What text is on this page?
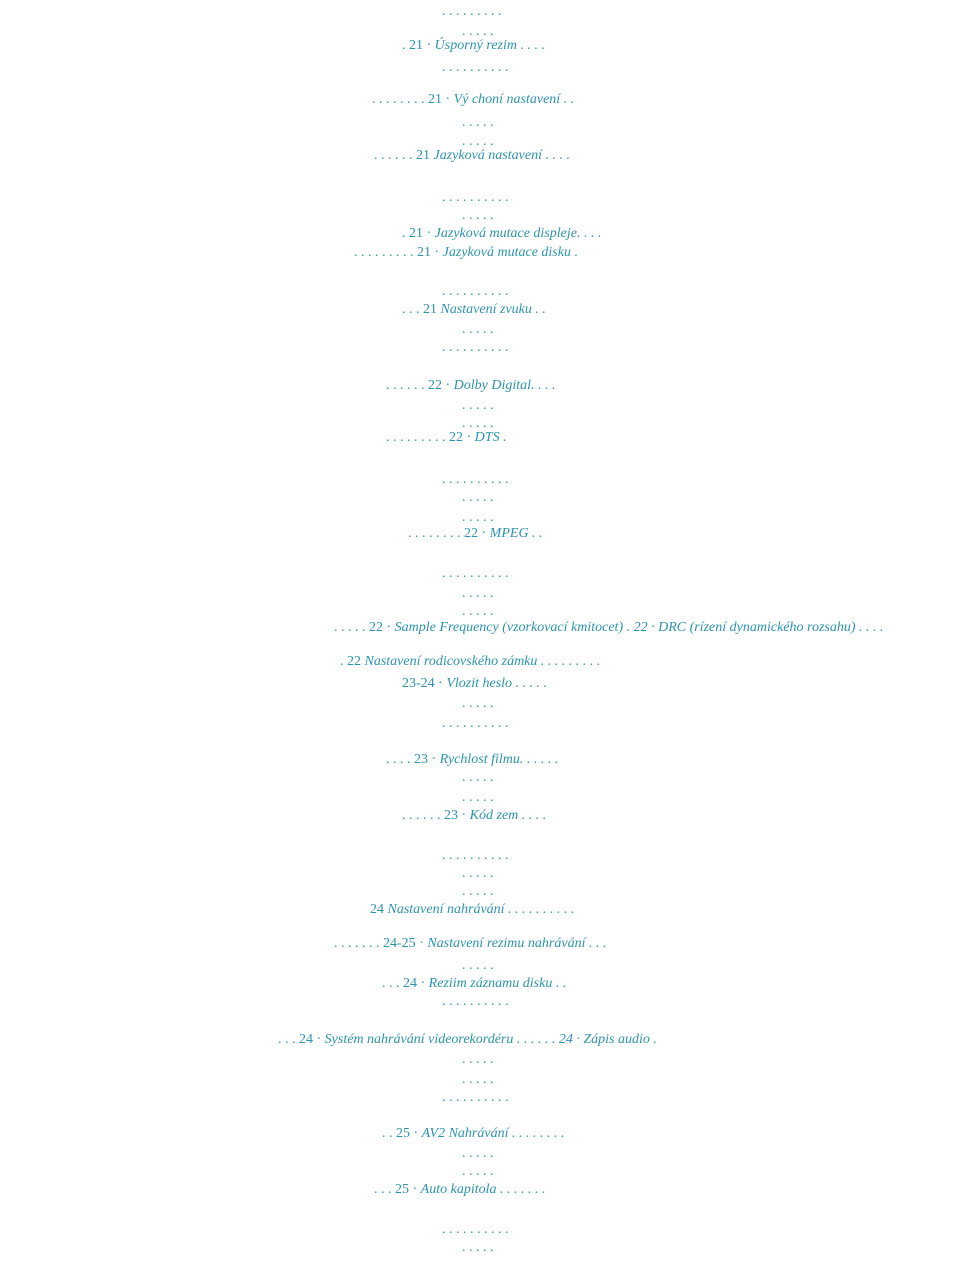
. . . . . . . . .
. . . . .
. 21 · Úsporný rezim . . . .
. . . . . . . . . .
. . . . . . . . 21 · Vý choní nastavení . .
. . . . .
. . . . .
. . . . . . 21 Jazyková nastavení . . . .
. . . . . . . . . .
. . . . .
. 21 · Jazyková mutace displeje. . . .
. . . . . . . . . 21 · Jazyková mutace disku .
. . . . . . . . . .
. . . 21 Nastavení zvuku . .
. . . . .
. . . . . . . . . .
. . . . . . 22 · Dolby Digital. . . .
. . . . .
. . . . .
. . . . . . . . . 22 · DTS .
. . . . . . . . . .
. . . . .
. . . . .
. . . . . . . . 22 · MPEG . .
. . . . . . . . . .
. . . . .
. . . . .
. . . . . 22 · Sample Frequency (vzorkovací kmitocet) . 22 · DRC (rízení dynamického rozsahu) . . . .
. 22 Nastavení rodicovského zámku . . . . . . . . .
23-24 · Vlozit heslo . . . . .
. . . . .
. . . . . . . . . .
. . . . 23 · Rychlost filmu. . . . . .
. . . . .
. . . . .
. . . . . . 23 · Kód zem . . . .
. . . . . . . . . .
. . . . .
. . . . .
24 Nastavení nahrávání . . . . . . . . . .
. . . . . . . 24-25 · Nastavení rezimu nahrávání . . .
. . . . .
. . . 24 · Reziim záznamu disku . .
. . . . . . . . . .
. . . 24 · Systém nahrávání videorekordéru . . . . . . 24 · Zápis audio .
. . . . .
. . . . .
. . . . . . . . . .
. . 25 · AV2 Nahrávání . . . . . . . .
. . . . .
. . . . .
. . . 25 · Auto kapitola . . . . . . .
. . . . . . . . . .
. . . . .
